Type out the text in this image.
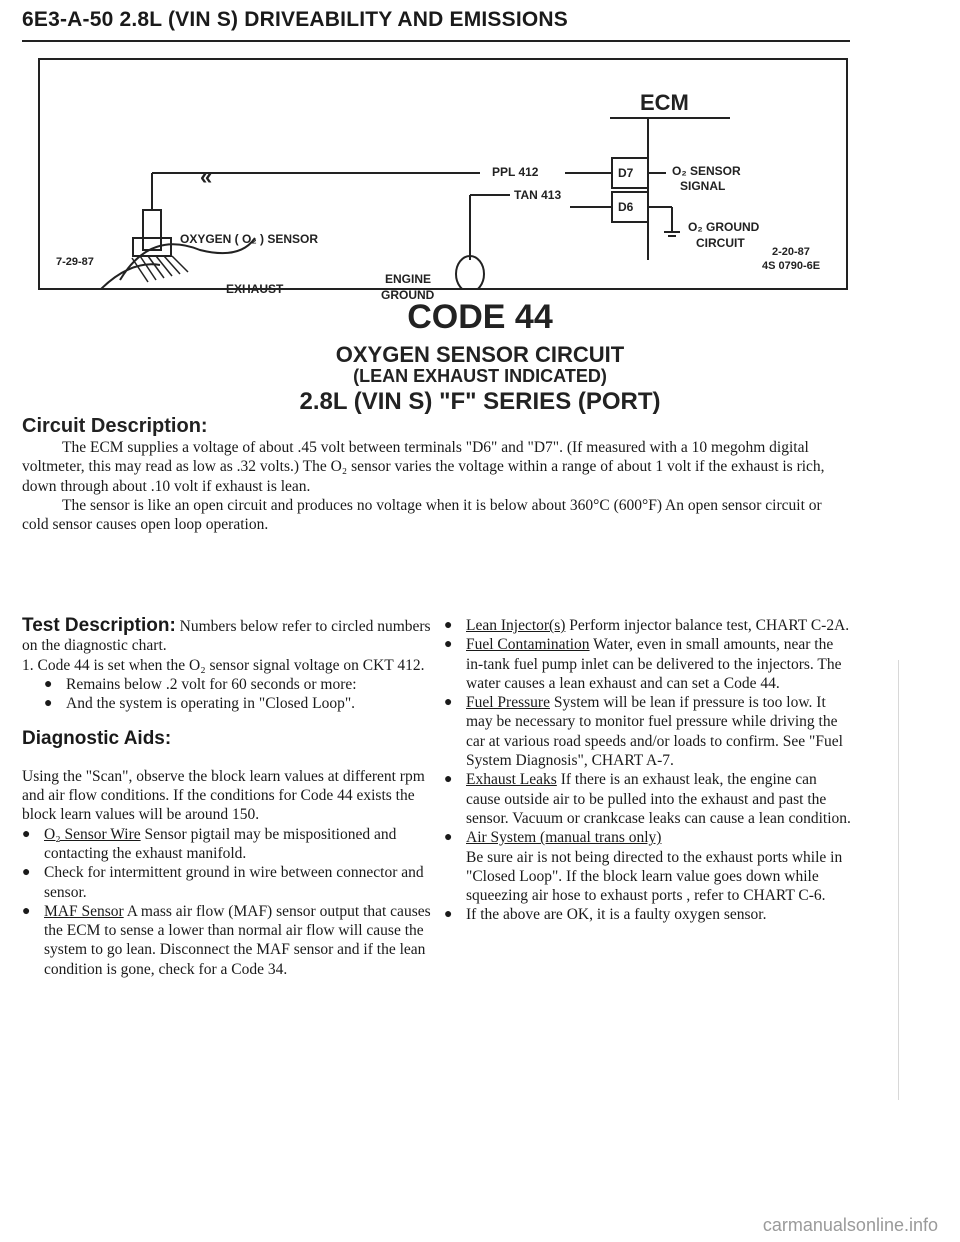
6E3-A-50 2.8L (VIN S) DRIVEABILITY AND EMISSIONS
«
ECM
PPL 412
TAN 413
D7
D6
O₂ SENSOR
SIGNAL
O₂ GROUND
CIRCUIT
OXYGEN ( O₂ ) SENSOR
EXHAUST
ENGINE
GROUND
7-29-87
2-20-87
4S 0790-6E
CODE 44
OXYGEN SENSOR CIRCUIT
(LEAN EXHAUST INDICATED)
2.8L (VIN S) "F" SERIES (PORT)
Circuit Description:

The ECM supplies a voltage of about .45 volt between terminals "D6" and "D7". (If measured with a 10 megohm digital voltmeter, this may read as low as .32 volts.) The O₂ sensor varies the voltage within a range of about 1 volt if the exhaust is rich, down through about .10 volt if exhaust is lean.

The sensor is like an open circuit and produces no voltage when it is below about 360°C (600°F) An open sensor circuit or cold sensor causes open loop operation.

Test Description: Numbers below refer to circled numbers on the diagnostic chart.

1. Code 44 is set when the O₂ sensor signal voltage on CKT 412.

● Remains below .2 volt for 60 seconds or more:

● And the system is operating in "Closed Loop".

Diagnostic Aids:

Using the "Scan", observe the block learn values at different rpm and air flow conditions. If the conditions for Code 44 exists the block learn values will be around 150.

● O₂ Sensor Wire Sensor pigtail may be mispositioned and contacting the exhaust manifold.

● Check for intermittent ground in wire between connector and sensor.

● MAF Sensor A mass air flow (MAF) sensor output that causes the ECM to sense a lower than normal air flow will cause the system to go lean. Disconnect the MAF sensor and if the lean condition is gone, check for a Code 34.

● Lean Injector(s) Perform injector balance test, CHART C-2A.

● Fuel Contamination Water, even in small amounts, near the in-tank fuel pump inlet can be delivered to the injectors. The water causes a lean exhaust and can set a Code 44.

● Fuel Pressure System will be lean if pressure is too low. It may be necessary to monitor fuel pressure while driving the car at various road speeds and/or loads to confirm. See "Fuel System Diagnosis", CHART A-7.

● Exhaust Leaks If there is an exhaust leak, the engine can cause outside air to be pulled into the exhaust and past the sensor. Vacuum or crankcase leaks can cause a lean condition.

● Air System (manual trans only)
Be sure air is not being directed to the exhaust ports while in "Closed Loop". If the block learn value goes down while squeezing air hose to exhaust ports , refer to CHART C-6.

● If the above are OK, it is a faulty oxygen sensor.

carmanualsonline.info
